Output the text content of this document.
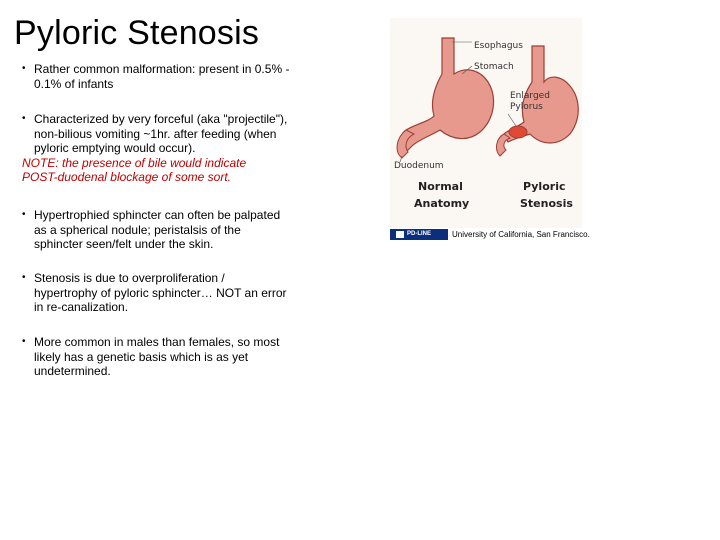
Pyloric Stenosis
• Rather common malformation: present in 0.5% - 0.1% of infants
• Characterized by very forceful (aka "projectile"), non-bilious vomiting ~1hr. after feeding (when pyloric emptying would occur).
NOTE: the presence of bile would indicate POST-duodenal blockage of some sort.
• Hypertrophied sphincter can often be palpated as a spherical nodule; peristalsis of the sphincter seen/felt under the skin.
• Stenosis is due to overproliferation / hypertrophy of pyloric sphincter… NOT an error in re-canalization.
• More common in males than females, so most likely has a genetic basis which is as yet undetermined.
Esophagus
Stomach
Enlarged
Pylorus
Duodenum
Normal
Anatomy
Pyloric
Stenosis
PD-LINE	University of California, San Francisco.
